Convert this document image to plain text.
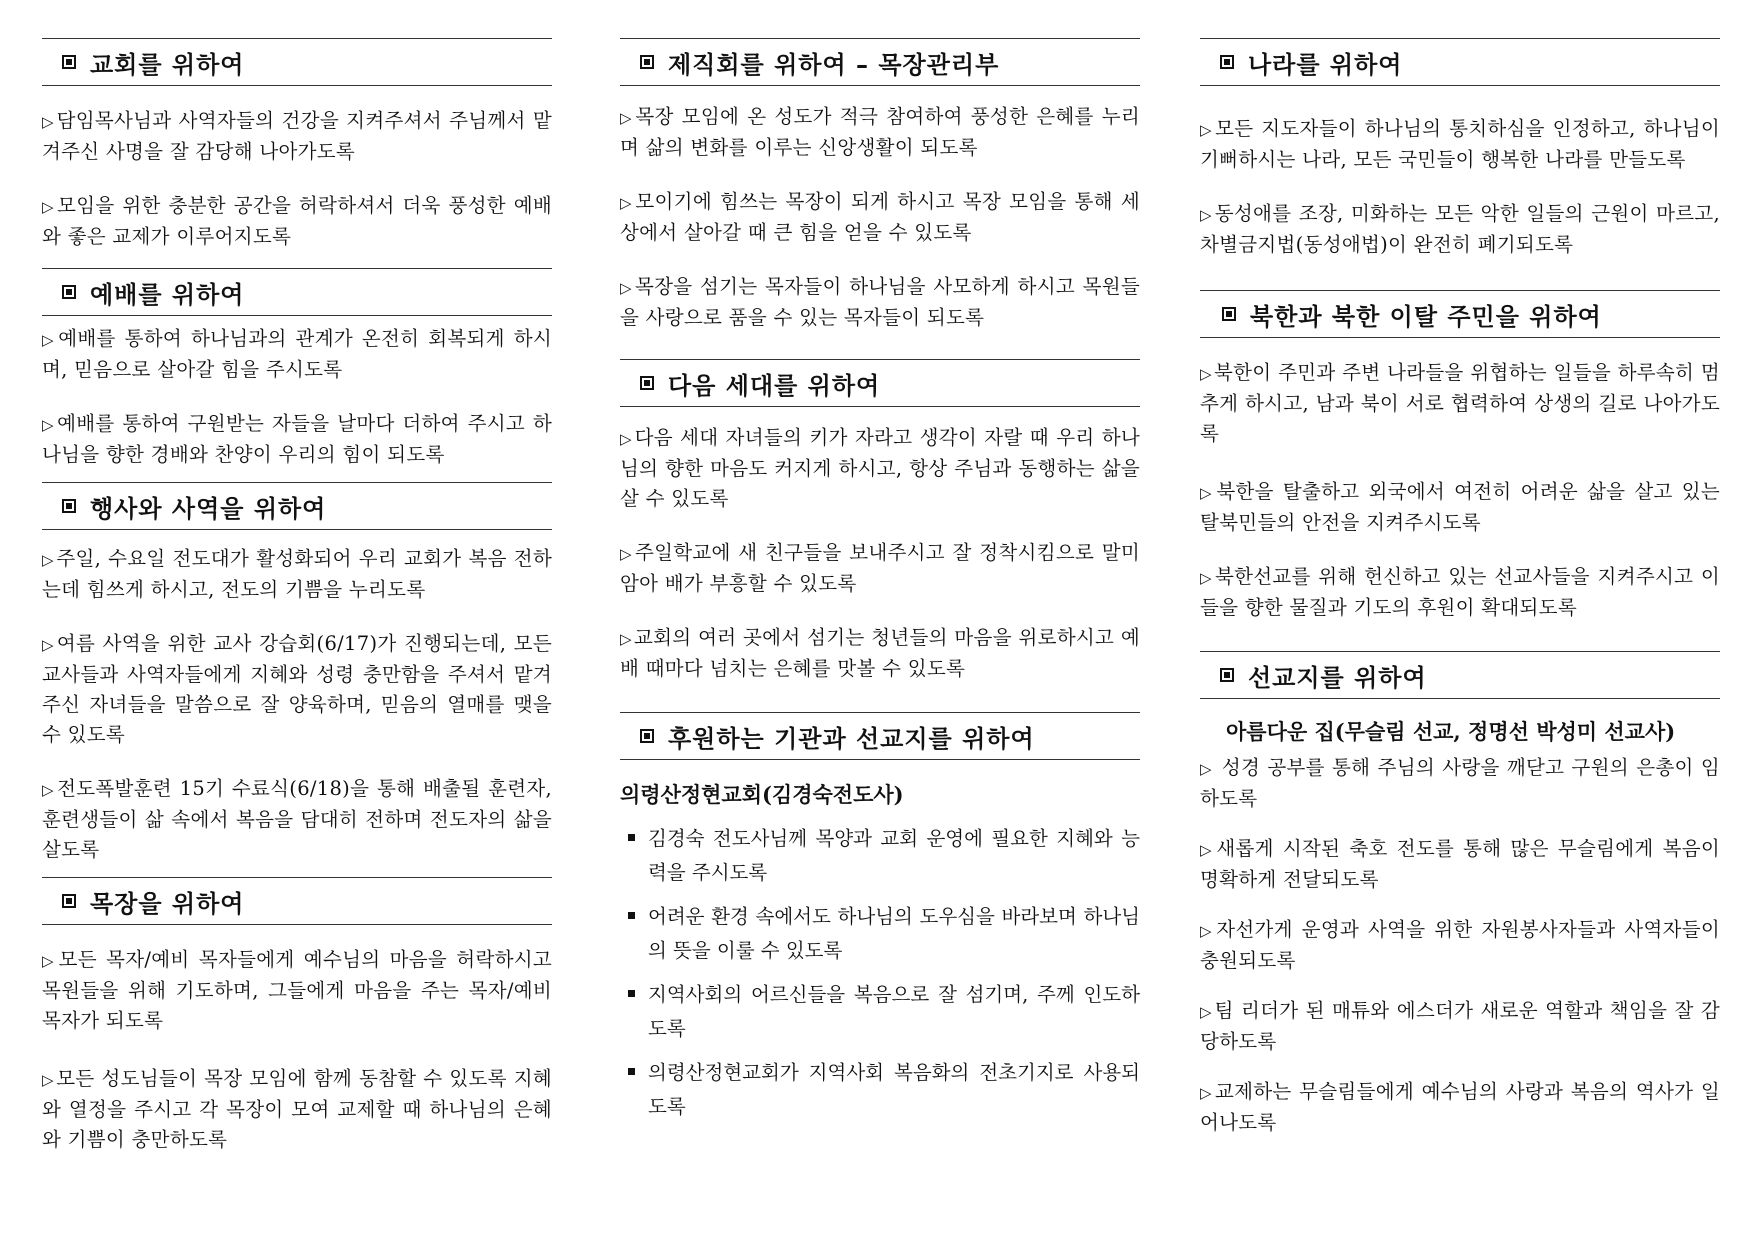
교회를 위하여

▷ 담임목사님과 사역자들의 건강을 지켜주셔서 주님께서 맡겨주신 사명을 잘 감당해 나아가도록

▷ 모임을 위한 충분한 공간을 허락하셔서 더욱 풍성한 예배와 좋은 교제가 이루어지도록

예배를 위하여

▷ 예배를 통하여 하나님과의 관계가 온전히 회복되게 하시며, 믿음으로 살아갈 힘을 주시도록

▷ 예배를 통하여 구원받는 자들을 날마다 더하여 주시고 하나님을 향한 경배와 찬양이 우리의 힘이 되도록

행사와 사역을 위하여

▷ 주일, 수요일 전도대가 활성화되어 우리 교회가 복음 전하는데 힘쓰게 하시고, 전도의 기쁨을 누리도록

▷ 여름 사역을 위한 교사 강습회(6/17)가 진행되는데, 모든 교사들과 사역자들에게 지혜와 성령 충만함을 주셔서 맡겨주신 자녀들을 말씀으로 잘 양육하며, 믿음의 열매를 맺을 수 있도록

▷ 전도폭발훈련 15기 수료식(6/18)을 통해 배출될 훈련자, 훈련생들이 삶 속에서 복음을 담대히 전하며 전도자의 삶을 살도록

목장을 위하여

▷ 모든 목자/예비 목자들에게 예수님의 마음을 허락하시고 목원들을 위해 기도하며, 그들에게 마음을 주는 목자/예비 목자가 되도록

▷ 모든 성도님들이 목장 모임에 함께 동참할 수 있도록 지혜와 열정을 주시고 각 목장이 모여 교제할 때 하나님의 은혜와 기쁨이 충만하도록

제직회를 위하여 – 목장관리부

▷ 목장 모임에 온 성도가 적극 참여하여 풍성한 은혜를 누리며 삶의 변화를 이루는 신앙생활이 되도록

▷ 모이기에 힘쓰는 목장이 되게 하시고 목장 모임을 통해 세상에서 살아갈 때 큰 힘을 얻을 수 있도록

▷ 목장을 섬기는 목자들이 하나님을 사모하게 하시고 목원들을 사랑으로 품을 수 있는 목자들이 되도록

다음 세대를 위하여

▷ 다음 세대 자녀들의 키가 자라고 생각이 자랄 때 우리 하나님의 향한 마음도 커지게 하시고, 항상 주님과 동행하는 삶을 살 수 있도록

▷ 주일학교에 새 친구들을 보내주시고 잘 정착시킴으로 말미암아 배가 부흥할 수 있도록

▷ 교회의 여러 곳에서 섬기는 청년들의 마음을 위로하시고 예배 때마다 넘치는 은혜를 맛볼 수 있도록

후원하는 기관과 선교지를 위하여
의령산정현교회(김경숙전도사)
김경숙 전도사님께 목양과 교회 운영에 필요한 지혜와 능력을 주시도록
어려운 환경 속에서도 하나님의 도우심을 바라보며 하나님의 뜻을 이룰 수 있도록
지역사회의 어르신들을 복음으로 잘 섬기며, 주께 인도하도록
의령산정현교회가 지역사회 복음화의 전초기지로 사용되도록
나라를 위하여

▷ 모든 지도자들이 하나님의 통치하심을 인정하고, 하나님이 기뻐하시는 나라, 모든 국민들이 행복한 나라를 만들도록

▷ 동성애를 조장, 미화하는 모든 악한 일들의 근원이 마르고, 차별금지법(동성애법)이 완전히 폐기되도록

북한과 북한 이탈 주민을 위하여

▷ 북한이 주민과 주변 나라들을 위협하는 일들을 하루속히 멈추게 하시고, 남과 북이 서로 협력하여 상생의 길로 나아가도록

▷ 북한을 탈출하고 외국에서 여전히 어려운 삶을 살고 있는 탈북민들의 안전을 지켜주시도록

▷ 북한선교를 위해 헌신하고 있는 선교사들을 지켜주시고 이들을 향한 물질과 기도의 후원이 확대되도록

선교지를 위하여
아름다운 집(무슬림 선교, 정명선 박성미 선교사)

▷ 성경 공부를 통해 주님의 사랑을 깨닫고 구원의 은총이 임하도록

▷ 새롭게 시작된 축호 전도를 통해 많은 무슬림에게 복음이 명확하게 전달되도록

▷ 자선가게 운영과 사역을 위한 자원봉사자들과 사역자들이 충원되도록

▷ 팀 리더가 된 매튜와 에스더가 새로운 역할과 책임을 잘 감당하도록

▷ 교제하는 무슬림들에게 예수님의 사랑과 복음의 역사가 일어나도록
